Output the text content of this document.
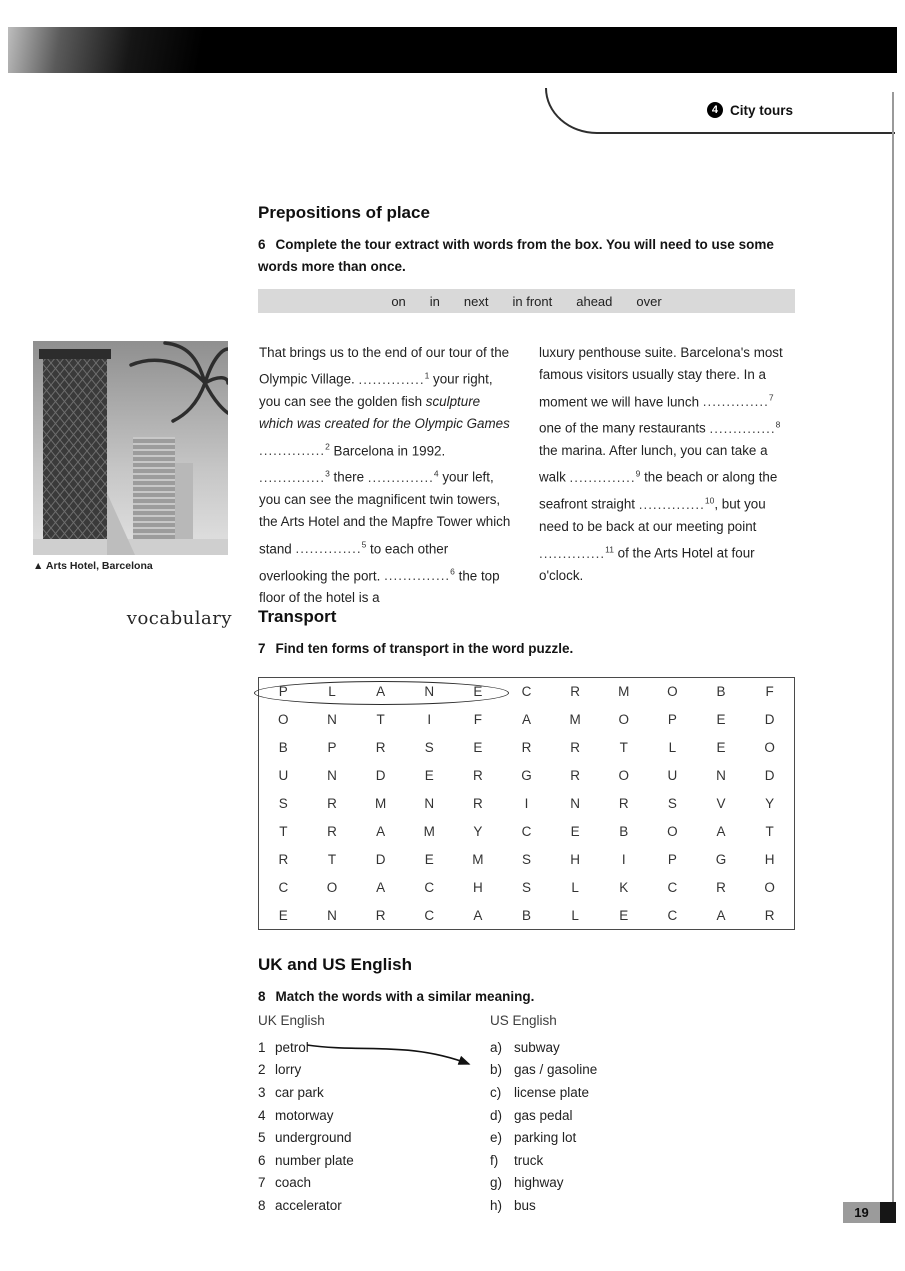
4 City tours
Prepositions of place

6 Complete the tour extract with words from the box. You will need to use some words more than once.

on in next in front ahead over
▲ Arts Hotel, Barcelona
That brings us to the end of our tour of the Olympic Village. ..............$^1$ your right, you can see the golden fish sculpture which was created for the Olympic Games ..............$^2$ Barcelona in 1992. ..............$^3$ there ..............$^4$ your left, you can see the magnificent twin towers, the Arts Hotel and the Mapfre Tower which stand ..............$^5$ to each other overlooking the port. ..............$^6$ the top floor of the hotel is a
luxury penthouse suite. Barcelona's most famous visitors usually stay there. In a moment we will have lunch ..............$^7$ one of the many restaurants ..............$^8$ the marina. After lunch, you can take a walk ..............$^9$ the beach or along the seafront straight ..............$^{10}$, but you need to be back at our meeting point ..............$^{11}$ of the Arts Hotel at four o'clock.
vocabulary Transport

7 Find ten forms of transport in the word puzzle.

P	L	A	N	E	C	R	M	O	B	F
O	N	T	I	F	A	M	O	P	E	D
B	P	R	S	E	R	R	T	L	E	O
U	N	D	E	R	G	R	O	U	N	D
S	R	M	N	R	I	N	R	S	V	Y
T	R	A	M	Y	C	E	B	O	A	T
R	T	D	E	M	S	H	I	P	G	H
C	O	A	C	H	S	L	K	C	R	O
E	N	R	C	A	B	L	E	C	A	R
UK and US English

8 Match the words with a similar meaning.

UK English	US English
1 petrol
2 lorry
3 car park
4 motorway
5 underground
6 number plate
7 coach
8 accelerator
a) subway
b) gas / gasoline
c) license plate
d) gas pedal
e) parking lot
f)	truck
g) highway
h) bus	19
